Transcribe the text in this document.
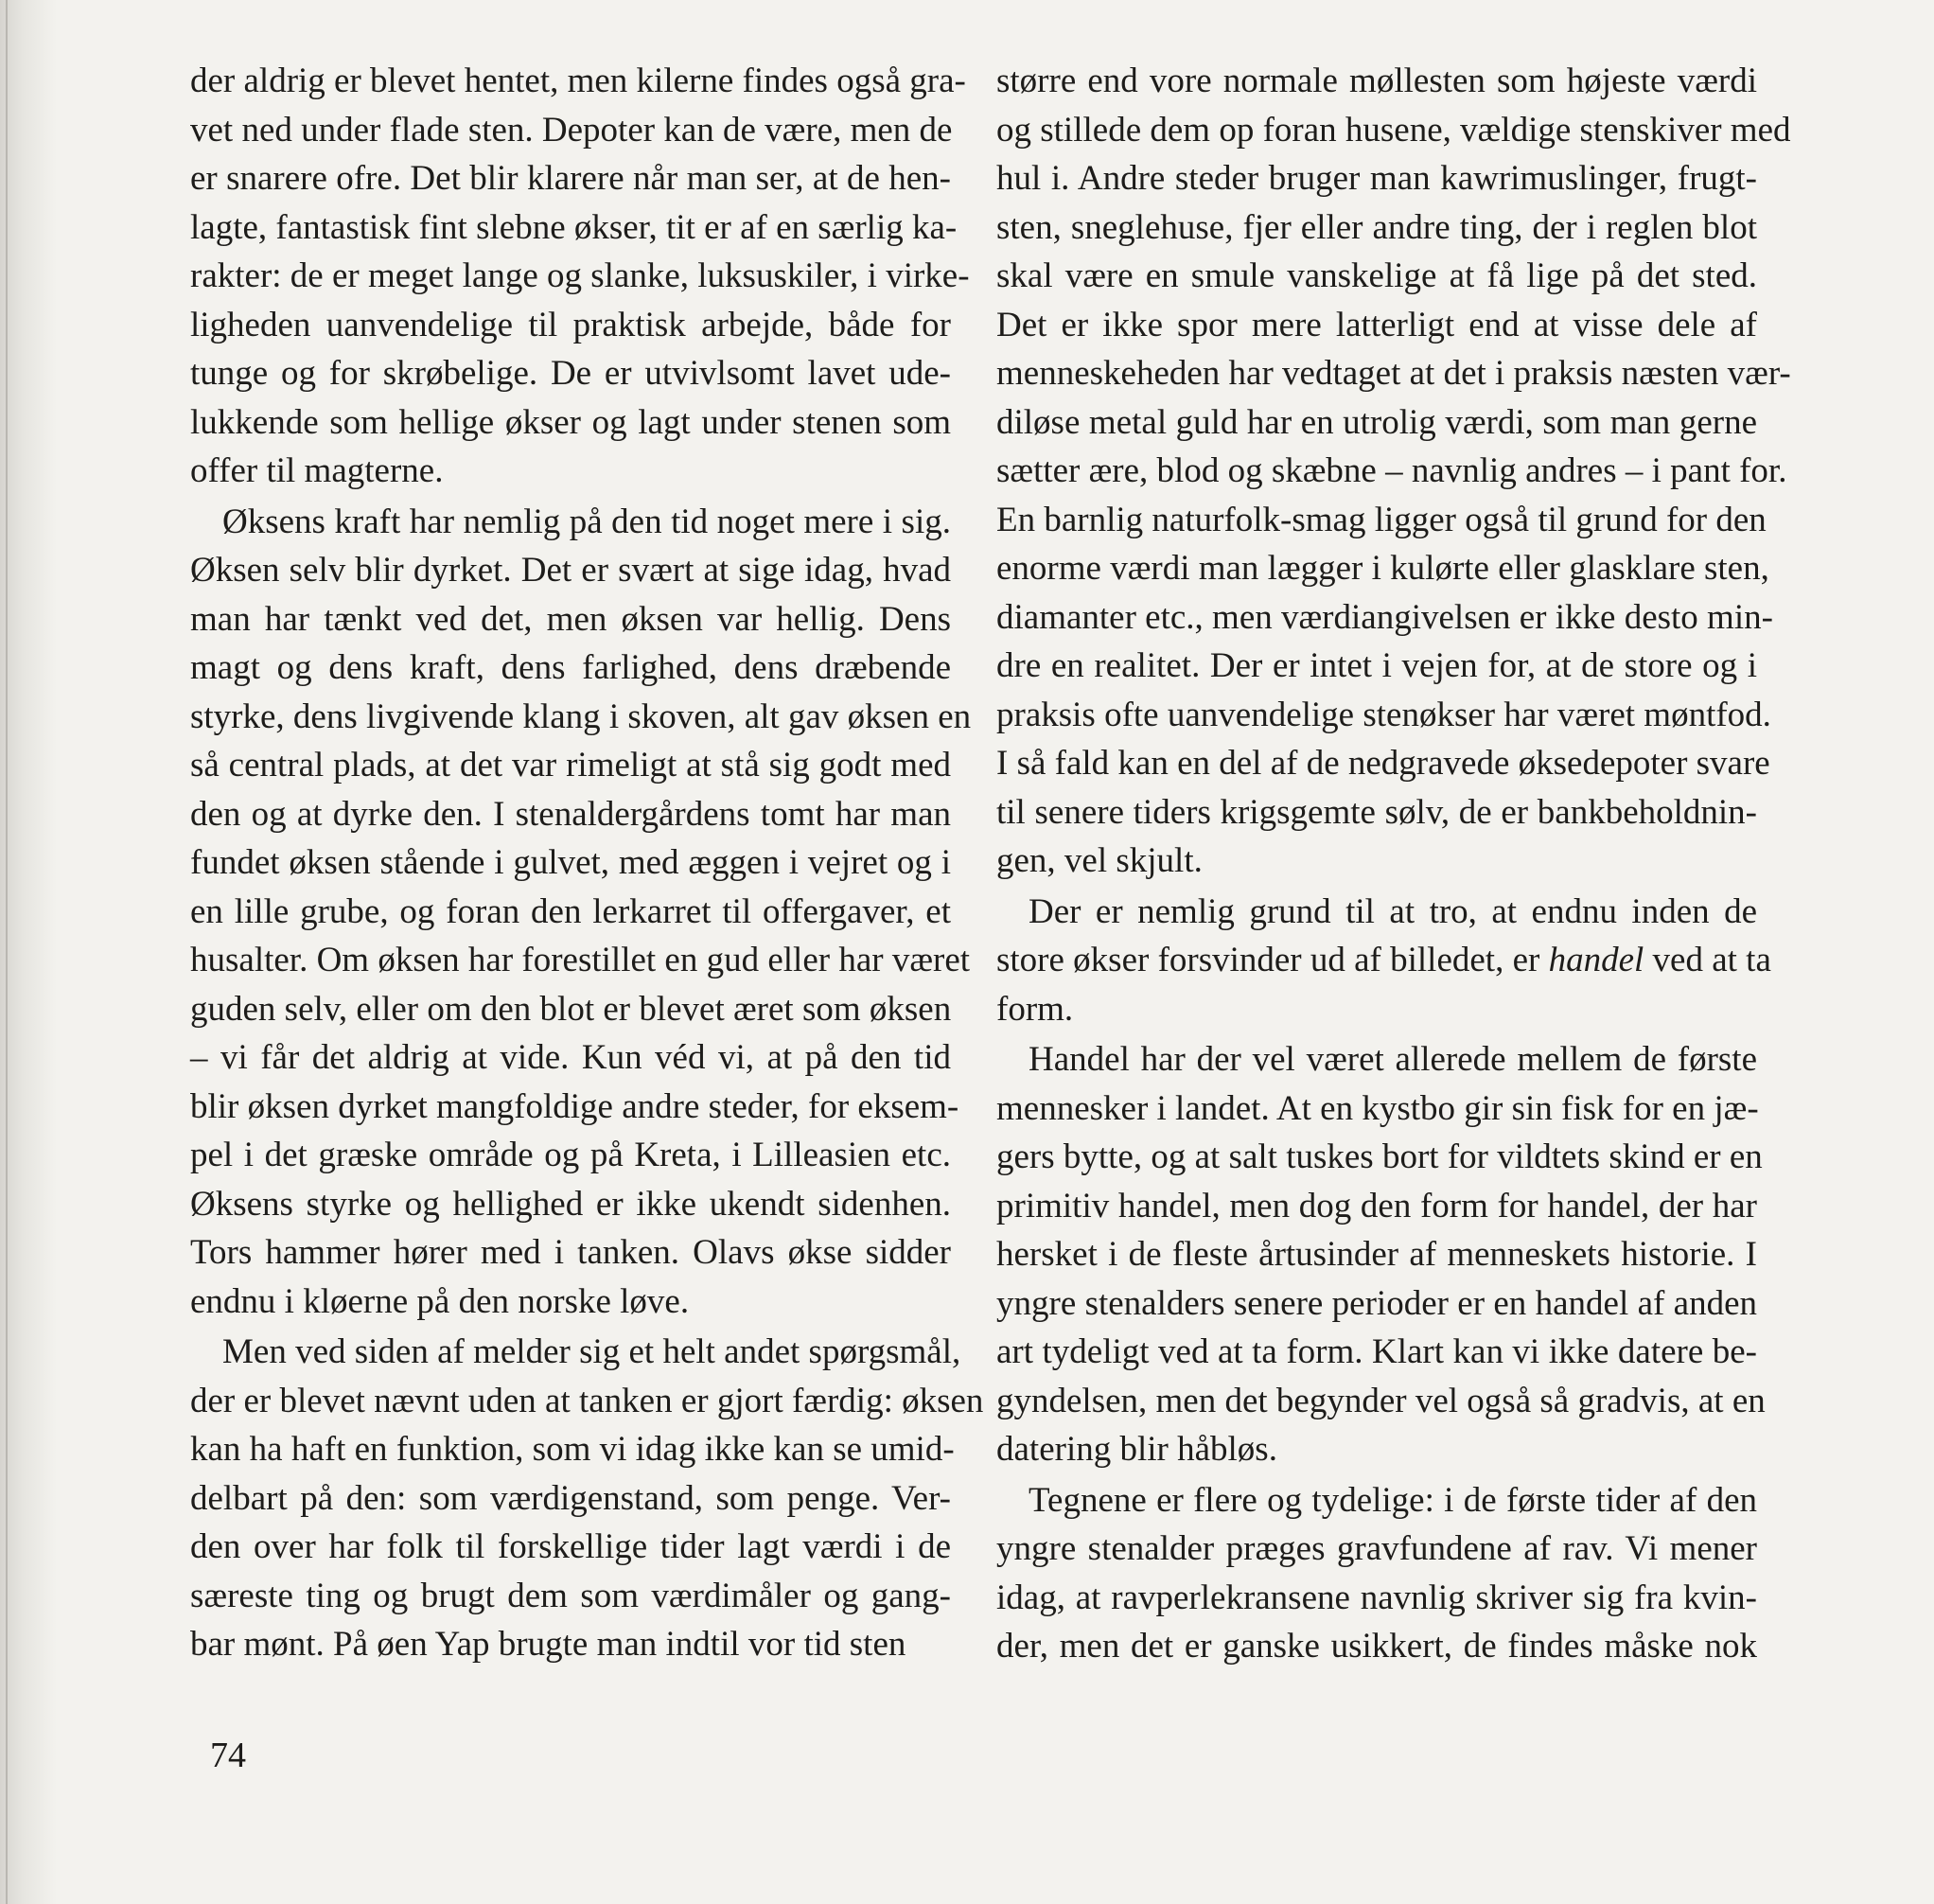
der aldrig er blevet hentet, men kilerne findes også gra-
vet ned under flade sten. Depoter kan de være, men de
er snarere ofre. Det blir klarere når man ser, at de hen-
lagte, fantastisk fint slebne økser, tit er af en særlig ka-
rakter: de er meget lange og slanke, luksuskiler, i virke-
ligheden uanvendelige til praktisk arbejde, både for
tunge og for skrøbelige. De er utvivlsomt lavet ude-
lukkende som hellige økser og lagt under stenen som
offer til magterne.
Øksens kraft har nemlig på den tid noget mere i sig.
Øksen selv blir dyrket. Det er svært at sige idag, hvad
man har tænkt ved det, men øksen var hellig. Dens
magt og dens kraft, dens farlighed, dens dræbende
styrke, dens livgivende klang i skoven, alt gav øksen en
så central plads, at det var rimeligt at stå sig godt med
den og at dyrke den. I stenaldergårdens tomt har man
fundet øksen stående i gulvet, med æggen i vejret og i
en lille grube, og foran den lerkarret til offergaver, et
husalter. Om øksen har forestillet en gud eller har været
guden selv, eller om den blot er blevet æret som øksen
– vi får det aldrig at vide. Kun véd vi, at på den tid
blir øksen dyrket mangfoldige andre steder, for eksem-
pel i det græske område og på Kreta, i Lilleasien etc.
Øksens styrke og hellighed er ikke ukendt sidenhen.
Tors hammer hører med i tanken. Olavs økse sidder
endnu i kløerne på den norske løve.
Men ved siden af melder sig et helt andet spørgsmål,
der er blevet nævnt uden at tanken er gjort færdig: øksen
kan ha haft en funktion, som vi idag ikke kan se umid-
delbart på den: som værdigenstand, som penge. Ver-
den over har folk til forskellige tider lagt værdi i de
særeste ting og brugt dem som værdimåler og gang-
bar mønt. På øen Yap brugte man indtil vor tid sten
større end vore normale møllesten som højeste værdi
og stillede dem op foran husene, vældige stenskiver med
hul i. Andre steder bruger man kawrimuslinger, frugt-
sten, sneglehuse, fjer eller andre ting, der i reglen blot
skal være en smule vanskelige at få lige på det sted.
Det er ikke spor mere latterligt end at visse dele af
menneskeheden har vedtaget at det i praksis næsten vær-
diløse metal guld har en utrolig værdi, som man gerne
sætter ære, blod og skæbne – navnlig andres – i pant for.
En barnlig naturfolk-smag ligger også til grund for den
enorme værdi man lægger i kulørte eller glasklare sten,
diamanter etc., men værdiangivelsen er ikke desto min-
dre en realitet. Der er intet i vejen for, at de store og i
praksis ofte uanvendelige stenøkser har været møntfod.
I så fald kan en del af de nedgravede øksedepoter svare
til senere tiders krigsgemte sølv, de er bankbeholdnin-
gen, vel skjult.
Der er nemlig grund til at tro, at endnu inden de
store økser forsvinder ud af billedet, er handel ved at ta
form.
Handel har der vel været allerede mellem de første
mennesker i landet. At en kystbo gir sin fisk for en jæ-
gers bytte, og at salt tuskes bort for vildtets skind er en
primitiv handel, men dog den form for handel, der har
hersket i de fleste årtusinder af menneskets historie. I
yngre stenalders senere perioder er en handel af anden
art tydeligt ved at ta form. Klart kan vi ikke datere be-
gyndelsen, men det begynder vel også så gradvis, at en
datering blir håbløs.
Tegnene er flere og tydelige: i de første tider af den
yngre stenalder præges gravfundene af rav. Vi mener
idag, at ravperlekransene navnlig skriver sig fra kvin-
der, men det er ganske usikkert, de findes måske nok
74
